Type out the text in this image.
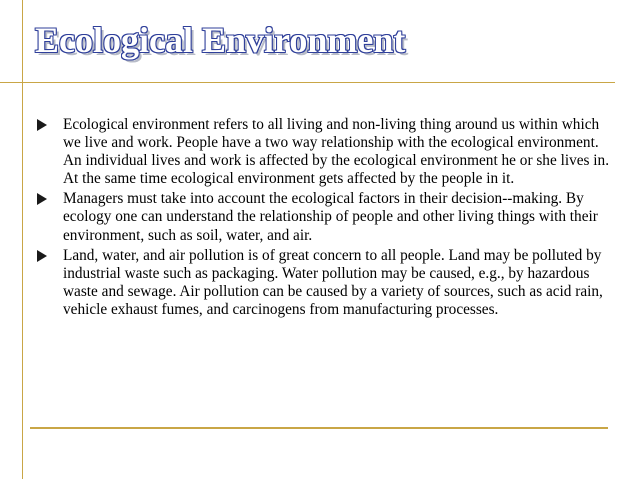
Ecological Environment
Ecological environment refers to all living and non-living thing around us within which we live and work. People have a two way relationship with the ecological environment. An individual lives and work is affected by the ecological environment he or she lives in. At the same time ecological environment gets affected by the people in it.
Managers must take into account the ecological factors in their decision--making. By ecology one can understand the relationship of people and other living things with their environment, such as soil, water, and air.
Land, water, and air pollution is of great concern to all people. Land may be polluted by industrial waste such as packaging. Water pollution may be caused, e.g., by hazardous waste and sewage. Air pollution can be caused by a variety of sources, such as acid rain, vehicle exhaust fumes, and carcinogens from manufacturing processes.
